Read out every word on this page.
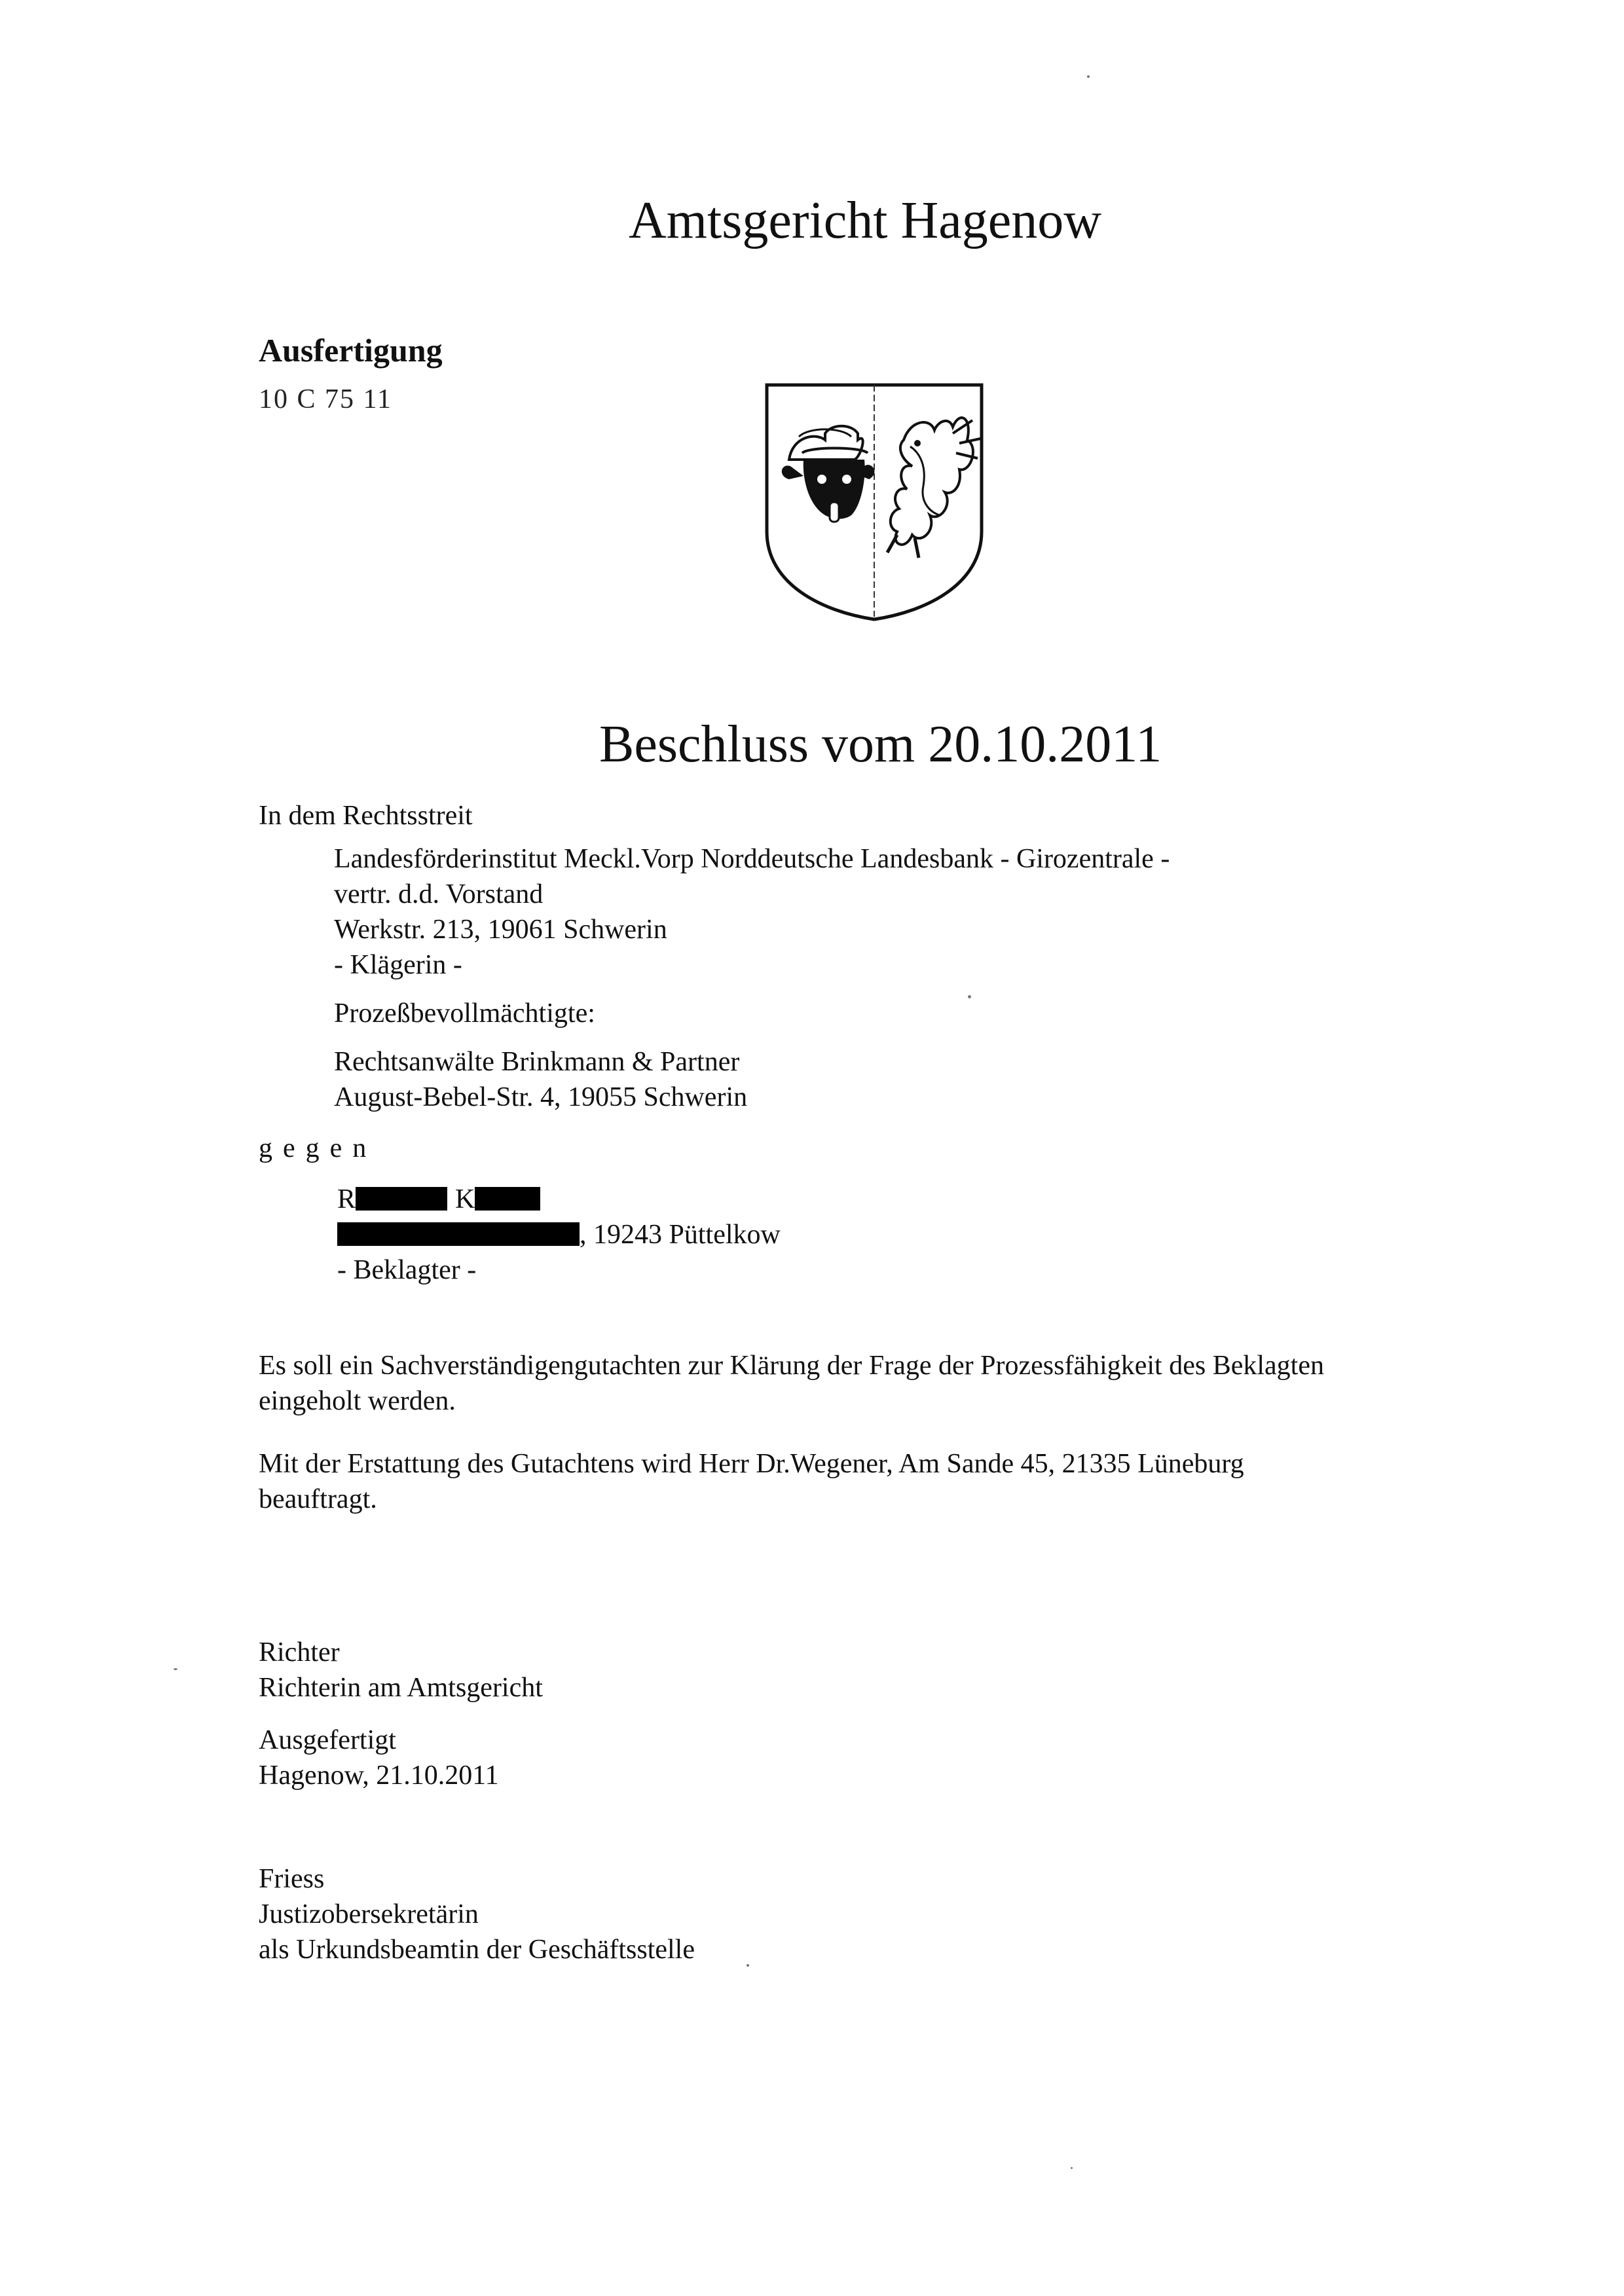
Amtsgericht Hagenow
Ausfertigung
10 C 75 11
Beschluss vom 20.10.2011
In dem Rechtsstreit
Landesförderinstitut Meckl.Vorp Norddeutsche Landesbank - Girozentrale -
vertr. d.d. Vorstand
Werkstr. 213, 19061 Schwerin
- Klägerin -
Prozeßbevollmächtigte:
Rechtsanwälte Brinkmann & Partner
August-Bebel-Str. 4, 19055 Schwerin
gegen
R	K
, 19243 Püttelkow
- Beklagter -
Es soll ein Sachverständigengutachten zur Klärung der Frage der Prozessfähigkeit des Beklagten
eingeholt werden.
Mit der Erstattung des Gutachtens wird Herr Dr.Wegener, Am Sande 45, 21335 Lüneburg
beauftragt.
Richter
Richterin am Amtsgericht
Ausgefertigt
Hagenow, 21.10.2011
Friess
Justizobersekretärin
als Urkundsbeamtin der Geschäftsstelle
